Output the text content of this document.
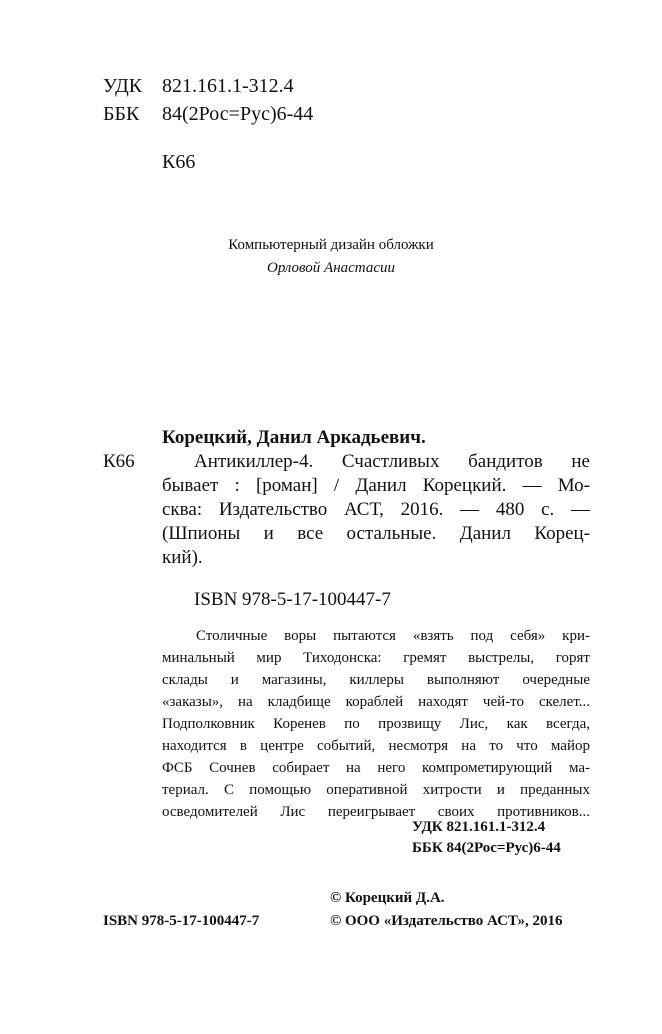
УДК 821.161.1-312.4
ББК 84(2Рос=Рус)6-44
К66
Компьютерный дизайн обложки
Орловой Анастасии
Корецкий, Данил Аркадьевич.
К66	Антикиллер-4. Счастливых бандитов не
бывает : [роман] / Данил Корецкий. — Мо-
сква: Издательство АСТ, 2016. — 480 с. —
(Шпионы и все остальные. Данил Корец-
кий).
ISBN 978-5-17-100447-7
Столичные воры пытаются «взять под себя» кри-
минальный мир Тиходонска: гремят выстрелы, горят
склады и магазины, киллеры выполняют очередные
«заказы», на кладбище кораблей находят чей-то скелет...
Подполковник Коренев по прозвищу Лис, как всегда,
находится в центре событий, несмотря на то что майор
ФСБ Сочнев собирает на него компрометирующий ма-
териал. С помощью оперативной хитрости и преданных
осведомителей Лис переигрывает своих противников...
УДК 821.161.1-312.4
ББК 84(2Рос=Рус)6-44
© Корецкий Д.А.
ISBN 978-5-17-100447-7	© ООО «Издательство АСТ», 2016
